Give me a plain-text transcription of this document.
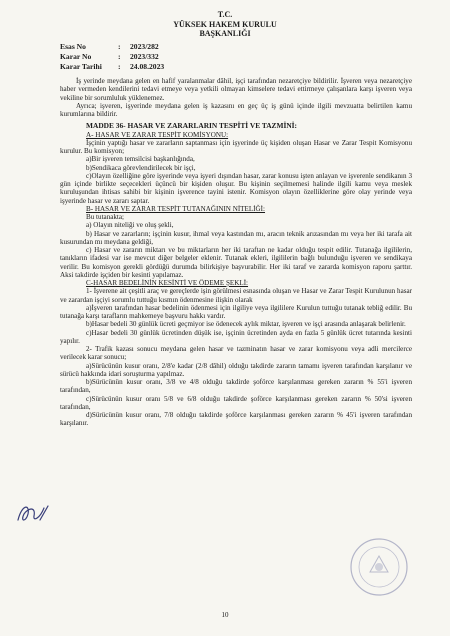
T.C.
YÜKSEK HAKEM KURULU
BAŞKANLIĞI
Esas No	:	2023/282
Karar No	:	2023/332
Karar Tarihi	:	24.08.2023

İş yerinde meydana gelen en hafif yaralanmalar dâhil, işçi tarafından nezaretçiye bildirilir. İşveren veya nezaretçiye haber vermeden kendilerini tedavi etmeye veya yetkili olmayan kimselere tedavi ettirmeye çalışanlara karşı işveren veya vekiline bir sorumluluk yüklenemez.

Ayrıca; işveren, işyerinde meydana gelen iş kazasını en geç üç iş günü içinde ilgili mevzuatta belirtilen kamu kurumlarına bildirir.

MADDE 36- HASAR VE ZARARLARIN TESPİTİ VE TAZMİNİ:

A- HASAR VE ZARAR TESPİT KOMİSYONU:

İşçinin yaptığı hasar ve zararların saptanması için işyerinde üç kişiden oluşan Hasar ve Zarar Tespit Komisyonu kurulur. Bu komisyon;

a)Bir işveren temsilcisi başkanlığında,

b)Sendikaca görevlendirilecek bir işçi,

c)Olayın özelliğine göre işyerinde veya işyeri dışından hasar, zarar konusu işten anlayan ve işverenle sendikanın 3 gün içinde birlikte seçecekleri üçüncü bir kişiden oluşur. Bu kişinin seçilmemesi halinde ilgili kamu veya meslek kuruluşundan ihtisas sahibi bir kişinin işverence tayini istenir. Komisyon olayın özelliklerine göre olay yerinde veya işyerinde hasar ve zararı saptar.

B- HASAR VE ZARAR TESPİT TUTANAĞININ NİTELİĞİ:

Bu tutanakta;

a) Olayın niteliği ve oluş şekli,

b) Hasar ve zararların; işçinin kusur, ihmal veya kastından mı, aracın teknik arızasından mı veya her iki tarafa ait kusurundan mı meydana geldiği,

c) Hasar ve zararın miktarı ve bu miktarların her iki taraftan ne kadar olduğu tespit edilir. Tutanağa ilgililerin, tanıkların ifadesi var ise mevcut diğer belgeler eklenir. Tutanak ekleri, ilgililerin bağlı bulunduğu işveren ve sendikaya verilir. Bu komisyon gerekli gördüğü durumda bilirkişiye başvurabilir. Her iki taraf ve zararda komisyon raporu şarttır. Aksi takdirde işçiden bir kesinti yapılamaz.

C-HASAR BEDELİNİN KESİNTİ VE ÖDEME ŞEKLİ:

1- İşverene ait çeşitli araç ve gereçlerde işin görülmesi esnasında oluşan ve Hasar ve Zarar Tespit Kurulunun hasar ve zarardan işçiyi sorumlu tuttuğu kısmın ödenmesine ilişkin olarak

a)İşveren tarafından hasar bedelinin ödenmesi için ilgiliye veya ilgililere Kurulun tuttuğu tutanak tebliğ edilir. Bu tutanağa karşı tarafların mahkemeye başvuru hakkı vardır.

b)Hasar bedeli 30 günlük ücreti geçmiyor ise ödenecek aylık miktar, işveren ve işçi arasında anlaşarak belirlenir.

c)Hasar bedeli 30 günlük ücretinden düşük ise, işçinin ücretinden ayda en fazla 5 günlük ücret tutarında kesinti yapılır.

2- Trafik kazası sonucu meydana gelen hasar ve tazminatın hasar ve zarar komisyonu veya adli mercilerce verilecek karar sonucu;

a)Sürücünün kusur oranı, 2/8'e kadar (2/8 dâhil) olduğu takdirde zararın tamamı işveren tarafından karşılanır ve sürücü hakkında idari soruşturma yapılmaz.

b)Sürücünün kusur oranı, 3/8 ve 4/8 olduğu takdirde şoförce karşılanması gereken zararın % 55'i işveren tarafından,

c)Sürücünün kusur oranı 5/8 ve 6/8 olduğu takdirde şoförce karşılanması gereken zararın % 50'si işveren tarafından,

d)Sürücünün kusur oranı, 7/8 olduğu takdirde şoförce karşılanması gereken zararın % 45'i işveren tarafından karşılanır.

10
